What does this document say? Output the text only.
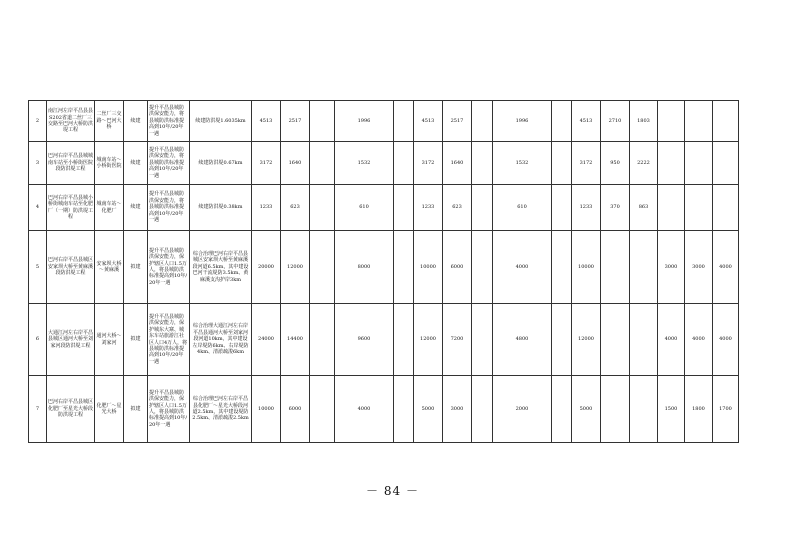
2	南江河左岸平昌县县S202省道二丝厂三交路至巴河大桥防洪堤工程	二丝厂三交路～巴河大桥	续建	提升平昌县城防洪保安能力，将县城防洪标准提高到10年/20年一遇	续建防洪堤1.6035km	4513	2517		1996		4513	2517		1996		4513	2710	1803			
3	巴河右岸平昌县城城南车站至小桥街医院段防洪堤工程	城南车站～小桥街医院	续建	提升平昌县城防洪保安能力，将县城防洪标准提高到10年/20年一遇	续建防洪堤0.67km	3172	1640		1532		3172	1640		1532		3172	950	2222			
4	巴河右岸平昌县城小桥街城南车站至化肥厂（一期）防洪堤工程	城南车站～化肥厂	续建	提升平昌县城防洪保安能力，将县城防洪标准提高到10年/20年一遇	续建防洪堤0.38km	1233	623		610		1233	623		610		1233	370	863			
5	巴河右岸平昌县城区安家坝大桥至黄麻溪段防洪堤工程	安家坝大桥～黄麻溪	拟建	提升平昌县城防洪保安能力，保护辖区人口1.5万人，将县城防洪标准提高到10年/20年一遇	综合治理巴河右岸平昌县城区安家坝大桥至黄麻溪段河道6.5km，其中建设巴河干流堤防3.5km、黄麻溪支沟护岸3km	20000	12000		8000		10000	6000		4000		10000			3000	3000	4000
6	大通江河左右岸平昌县城区通河大桥至刘家河段防洪堤工程	通河大桥～刘家河	拟建	提升平昌县城防洪保安能力，保护城东大寨、城东车站旅游江社区人口4万人，将县城防洪标准提高到10年/20年一遇	综合治理大通江河左右岸平昌县通河大桥至刘家河段河道10km，其中建设左岸堤防6km、右岸堤防4km、清淤疏浚6km	24000	14400		9600		12000	7200		4800		12000			4000	4000	4000
7	巴河右岸平昌县城区化肥厂至星光大桥段防洪堤工程	化肥厂～星光大桥	拟建	提升平昌县城防洪保安能力，保护辖区人口1.5万人，将县城防洪标准提高到10年/20年一遇	综合治理巴河左右岸平昌县化肥厂～星光大桥段河道2.5km，其中建设堤防2.5km、清淤疏浚2.5km	10000	6000		4000		5000	3000		2000		5000			1500	1800	1700
－ 84 －
